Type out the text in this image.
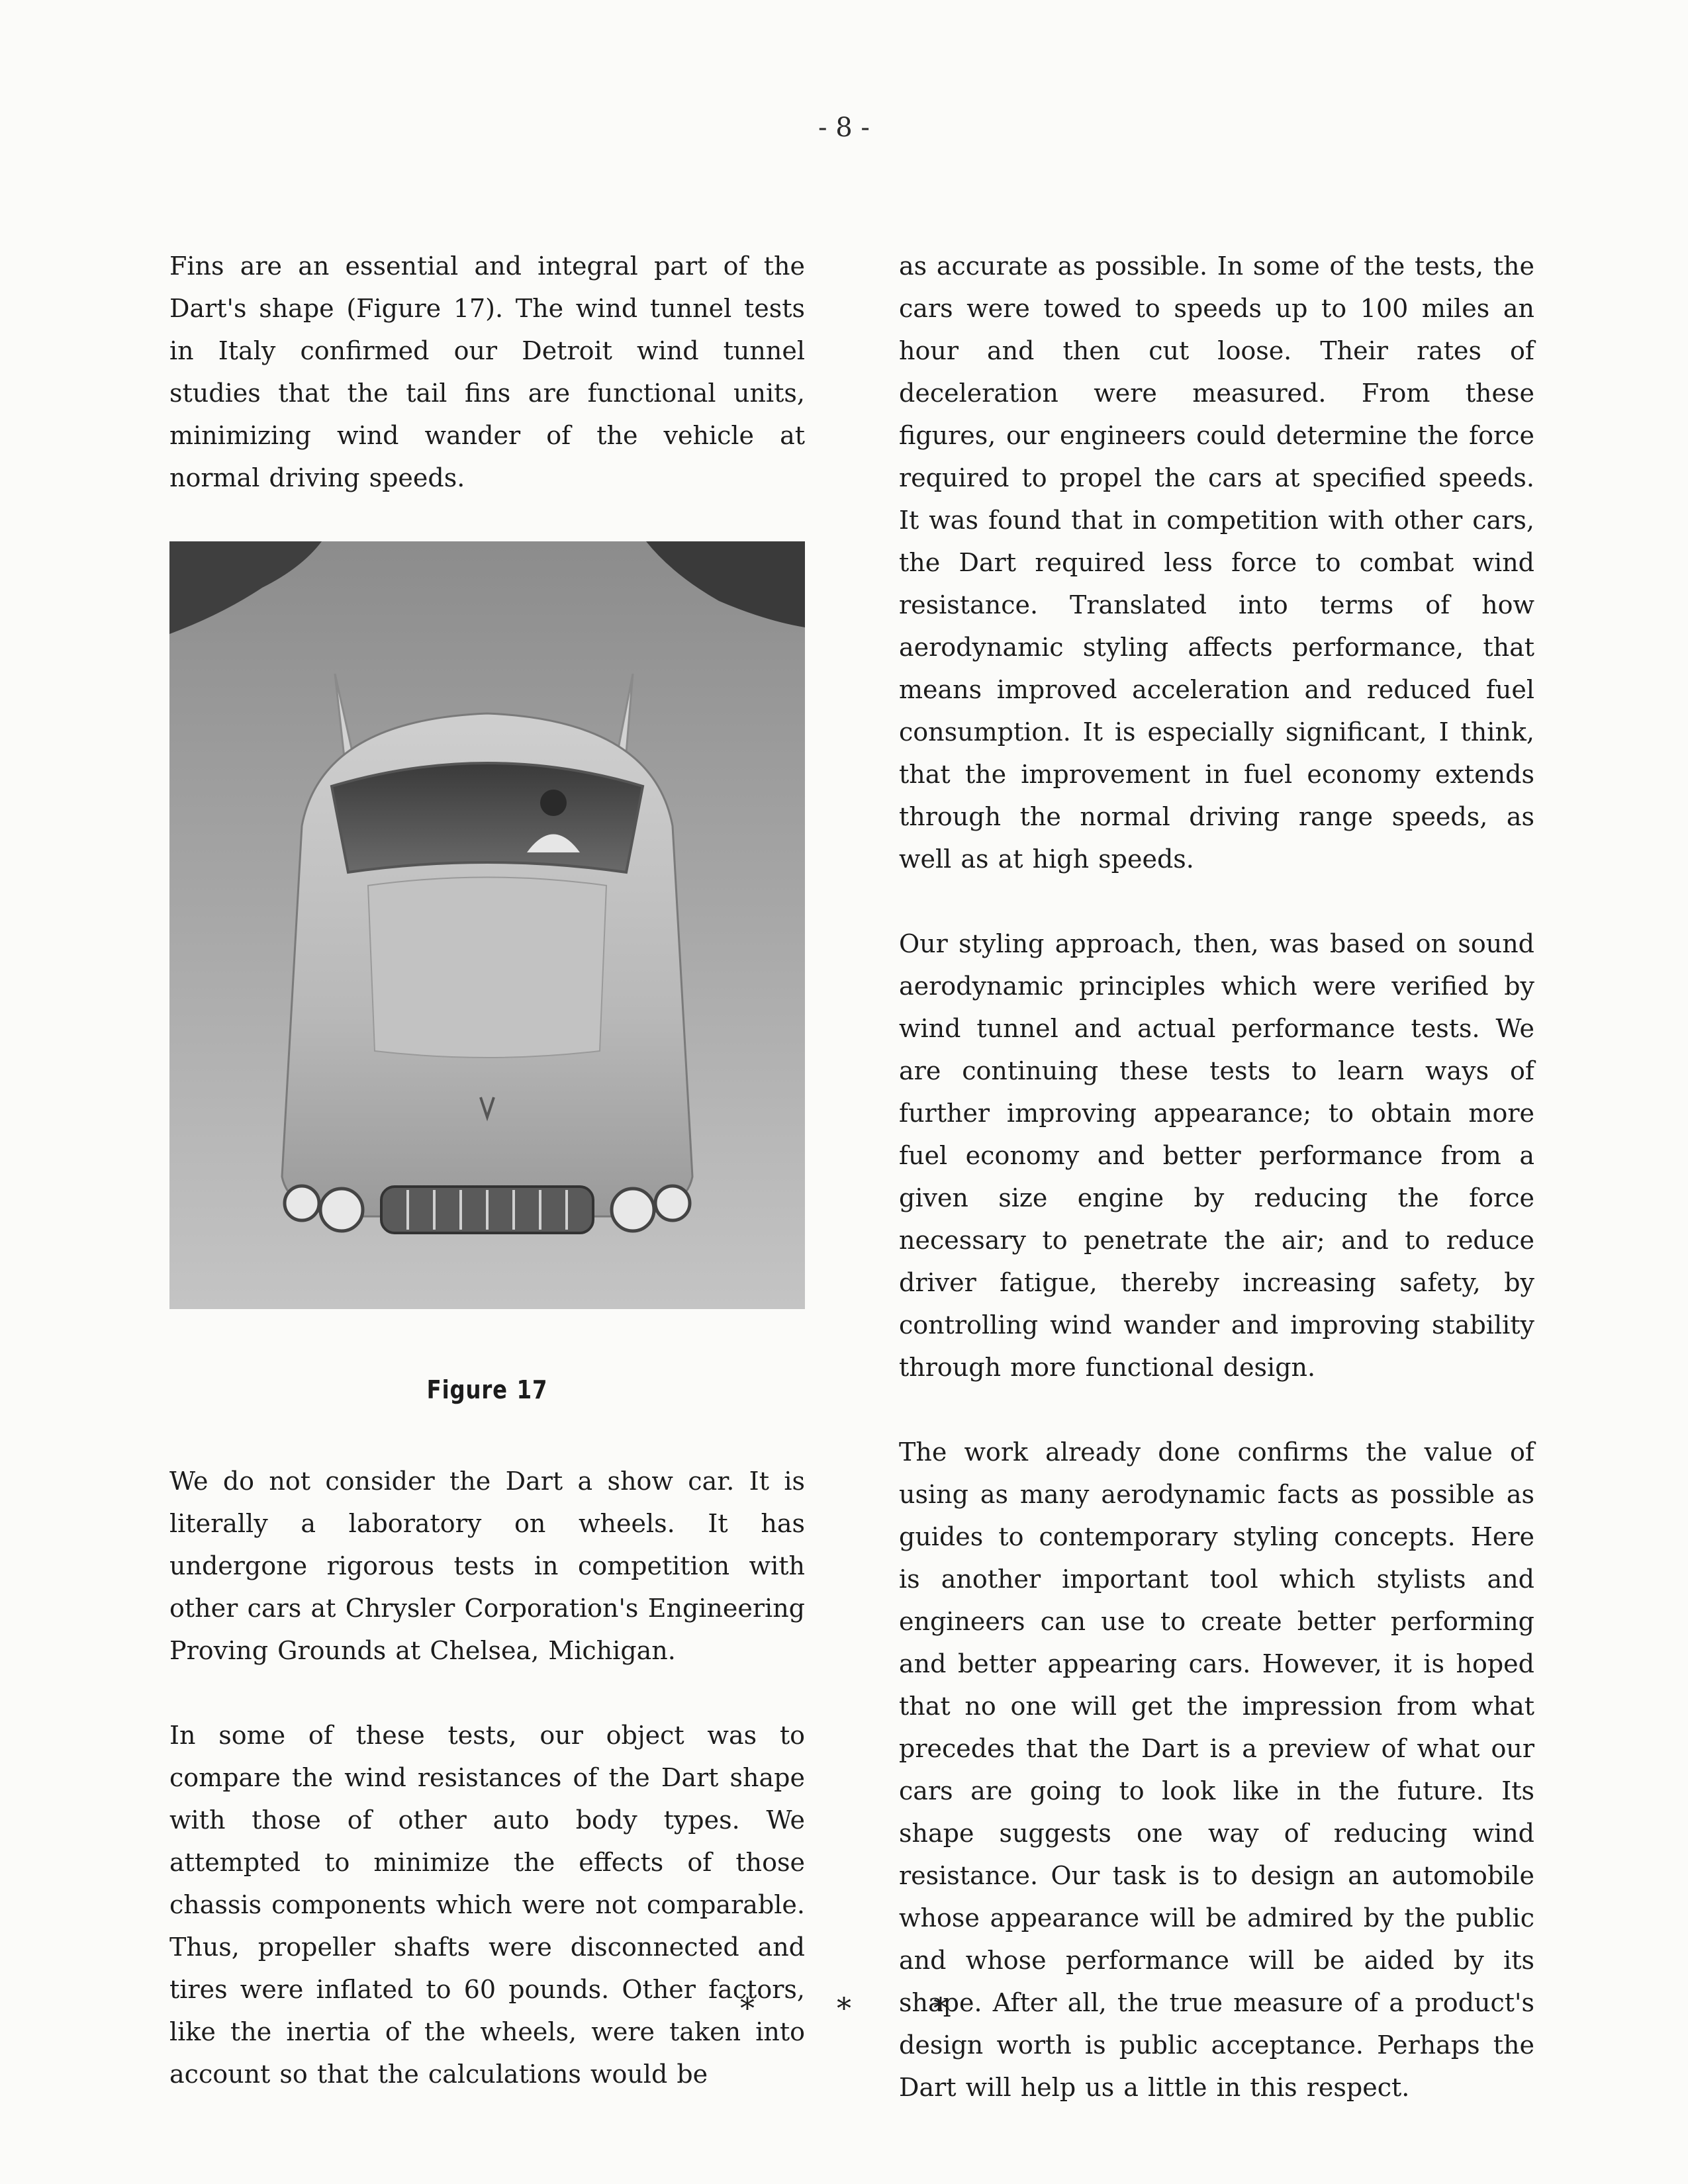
- 8 -

Fins are an essential and integral part of the Dart's shape (Figure 17). The wind tunnel tests in Italy confirmed our Detroit wind tunnel studies that the tail fins are functional units, minimizing wind wander of the vehicle at normal driving speeds.

Figure 17

We do not consider the Dart a show car. It is literally a laboratory on wheels. It has undergone rigorous tests in competition with other cars at Chrysler Corporation's Engineering Proving Grounds at Chelsea, Michigan.

In some of these tests, our object was to compare the wind resistances of the Dart shape with those of other auto body types. We attempted to minimize the effects of those chassis components which were not comparable. Thus, propeller shafts were disconnected and tires were inflated to 60 pounds. Other factors, like the inertia of the wheels, were taken into account so that the calculations would be

as accurate as possible. In some of the tests, the cars were towed to speeds up to 100 miles an hour and then cut loose. Their rates of deceleration were measured. From these figures, our engineers could determine the force required to propel the cars at specified speeds. It was found that in competition with other cars, the Dart required less force to combat wind resistance. Translated into terms of how aerodynamic styling affects performance, that means improved acceleration and reduced fuel consumption. It is especially significant, I think, that the improvement in fuel economy extends through the normal driving range speeds, as well as at high speeds.

Our styling approach, then, was based on sound aerodynamic principles which were verified by wind tunnel and actual performance tests. We are continuing these tests to learn ways of further improving appearance; to obtain more fuel economy and better performance from a given size engine by reducing the force necessary to penetrate the air; and to reduce driver fatigue, thereby increasing safety, by controlling wind wander and improving stability through more functional design.

The work already done confirms the value of using as many aerodynamic facts as possible as guides to contemporary styling concepts. Here is another important tool which stylists and engineers can use to create better performing and better appearing cars. However, it is hoped that no one will get the impression from what precedes that the Dart is a preview of what our cars are going to look like in the future. Its shape suggests one way of reducing wind resistance. Our task is to design an automobile whose appearance will be admired by the public and whose performance will be aided by its shape. After all, the true measure of a product's design worth is public acceptance. Perhaps the Dart will help us a little in this respect.

* * *
